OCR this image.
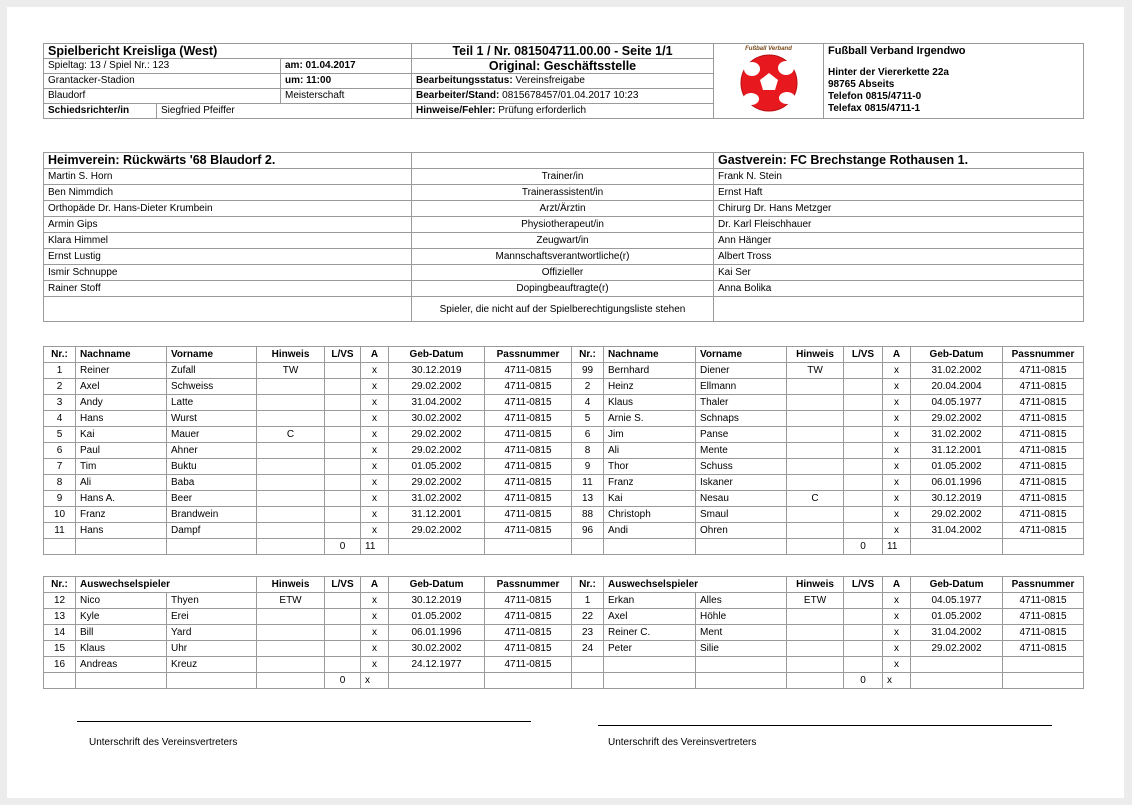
Spielbericht Kreisliga (West)			Teil 1 / Nr. 081504711.00.00 - Seite 1/1	Fußball Verband	Fußball Verband Irgendwo
Hinter der Viererkette 22a
98765 Abseits
Telefon 0815/4711-0
Telefax 0815/4711-1

Spieltag: 13 / Spiel Nr.: 123		am: 01.04.2017	Original: Geschäftsstelle		
Grantacker-Stadion		um: 11:00	Bearbeitungsstatus: Vereinsfreigabe		
Blaudorf		Meisterschaft	Bearbeiter/Stand: 0815678457/01.04.2017 10:23		
Schiedsrichter/in	Siegfried Pfeiffer		Hinweise/Fehler: Prüfung erforderlich		
Heimverein: Rückwärts '68 Blaudorf 2.		Gastverein: FC Brechstange Rothausen 1.
Martin S. Horn	Trainer/in	Frank N. Stein
Ben Nimmdich	Trainerassistent/in	Ernst Haft
Orthopäde Dr. Hans-Dieter Krumbein	Arzt/Ärztin	Chirurg Dr. Hans Metzger
Armin Gips	Physiotherapeut/in	Dr. Karl Fleischhauer
Klara Himmel	Zeugwart/in	Ann Hänger
Ernst Lustig	Mannschaftsverantwortliche(r)	Albert Tross
Ismir Schnuppe	Offizieller	Kai Ser
Rainer Stoff	Dopingbeauftragte(r)	Anna Bolika
	Spieler, die nicht auf der Spielberechtigungsliste stehen	
Nr.:	Nachname	Vorname	Hinweis	L/VS	A	Geb-Datum	Passnummer	Nr.:	Nachname	Vorname	Hinweis	L/VS	A	Geb-Datum	Passnummer
1	Reiner	Zufall	TW		x	30.12.2019	4711-0815	99	Bernhard	Diener	TW		x	31.02.2002	4711-0815
2	Axel	Schweiss			x	29.02.2002	4711-0815	2	Heinz	Ellmann			x	20.04.2004	4711-0815
3	Andy	Latte			x	31.04.2002	4711-0815	4	Klaus	Thaler			x	04.05.1977	4711-0815
4	Hans	Wurst			x	30.02.2002	4711-0815	5	Arnie S.	Schnaps			x	29.02.2002	4711-0815
5	Kai	Mauer	C		x	29.02.2002	4711-0815	6	Jim	Panse			x	31.02.2002	4711-0815
6	Paul	Ahner			x	29.02.2002	4711-0815	8	Ali	Mente			x	31.12.2001	4711-0815
7	Tim	Buktu			x	01.05.2002	4711-0815	9	Thor	Schuss			x	01.05.2002	4711-0815
8	Ali	Baba			x	29.02.2002	4711-0815	11	Franz	Iskaner			x	06.01.1996	4711-0815
9	Hans A.	Beer			x	31.02.2002	4711-0815	13	Kai	Nesau	C		x	30.12.2019	4711-0815
10	Franz	Brandwein			x	31.12.2001	4711-0815	88	Christoph	Smaul			x	29.02.2002	4711-0815
11	Hans	Dampf			x	29.02.2002	4711-0815	96	Andi	Ohren			x	31.04.2002	4711-0815
				0	11							0	11		
Nr.:	Auswechselspieler		Hinweis	L/VS	A	Geb-Datum	Passnummer	Nr.:	Auswechselspieler		Hinweis	L/VS	A	Geb-Datum	Passnummer
12	Nico	Thyen	ETW		x	30.12.2019	4711-0815	1	Erkan	Alles	ETW		x	04.05.1977	4711-0815
13	Kyle	Erei			x	01.05.2002	4711-0815	22	Axel	Höhle			x	01.05.2002	4711-0815
14	Bill	Yard			x	06.01.1996	4711-0815	23	Reiner C.	Ment			x	31.04.2002	4711-0815
15	Klaus	Uhr			x	30.02.2002	4711-0815	24	Peter	Silie			x	29.02.2002	4711-0815
16	Andreas	Kreuz			x	24.12.1977	4711-0815						x		
				0	x							0	x		
Unterschrift des Vereinsvertreters	Unterschrift des Vereinsvertreters
